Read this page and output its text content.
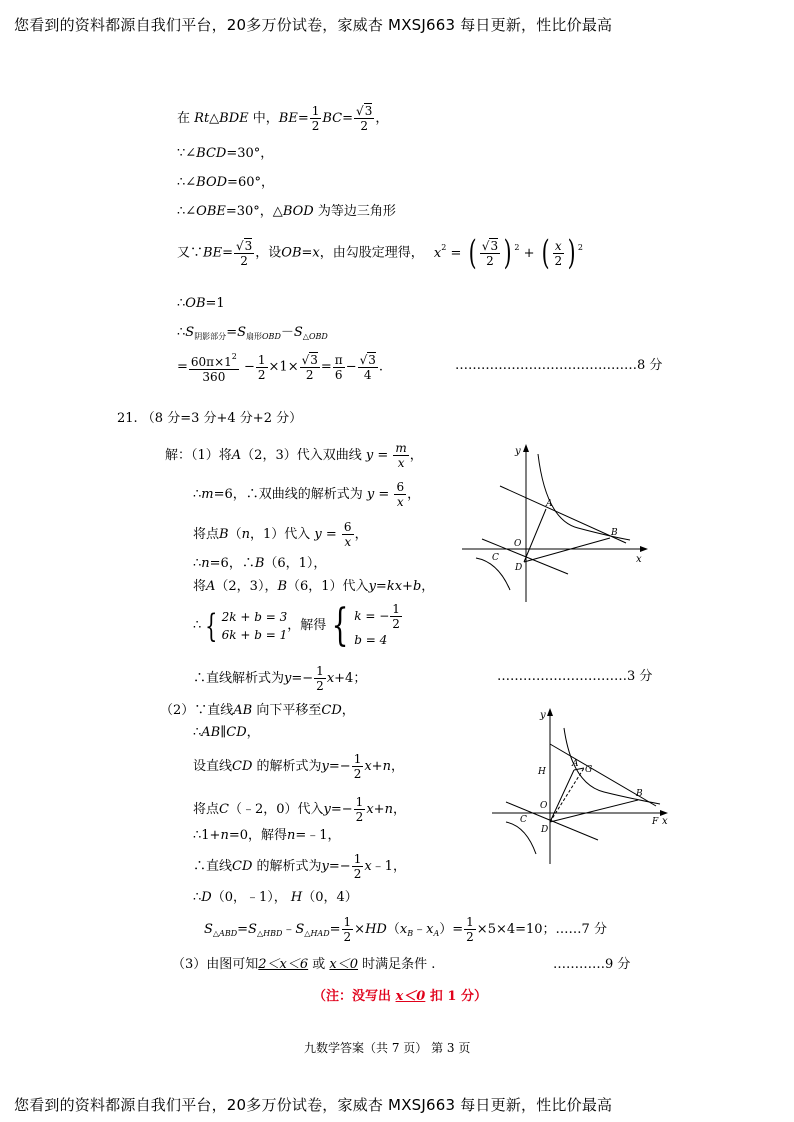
您看到的资料都源自我们平台，20多万份试卷，家威杏 MXSJ663 每日更新，性比价最高
您看到的资料都源自我们平台，20多万份试卷，家威杏 MXSJ663 每日更新，性比价最高
在 Rt△BDE 中，$BE= \frac{1}{2} BC= \frac{√3}{2}$ ，
∵∠BCD=30°，
∴∠BOD=60°，
∴∠OBE=30°，△BOD 为等边三角形
又∵BE= $\frac{√3}{2}$ ，设OB=x，由勾股定理得， $x^2$ = ( $\frac{√3}{2}$ ) $^2$ + ( $\frac{x}{2}$ ) $^2$
∴OB=1
$\therefore S_{阴影部分}=S_{扇形OBD}-S_{\triangle OBD}$
= $\frac{60\pi\times 1^2}{360} - \frac{1}{2} \times 1\times \frac{√3}{2} = \frac{\pi}{6} - \frac{√3}{4}$ .	……………………………………8 分
21. （8 分=3 分+4 分+2 分）
解：（1）将A（2，3）代入双曲线 $y = \frac{m}{x}$ ，
∴m=6，∴双曲线的解析式为 $y = \frac{6}{x}$ ，
将点B（n，1）代入 $y = \frac{6}{x}$ ，
∴n=6，∴B（6，1），
将A（2，3），B（6，1）代入y=kx+b，
∴ { 2k + b = 3
6k + b = 1
，解得 { k = − $\frac{1}{2}$
b = 4
∴直线解析式为$y=- \frac{1}{2} x+4$；	…………………………3 分
（2）∵直线AB 向下平移至CD，
∴AB∥CD，
设直线CD 的解析式为$y=- \frac{1}{2} x+n$，
将点C（﹣2，0）代入$y=- \frac{1}{2} x+n$，
∴1+n=0，解得n=﹣1，
∴直线CD 的解析式为$y=- \frac{1}{2}$ x﹣1，
∴D（0，﹣1）， H（0，4）
$S_{\triangle ABD}=S_{\triangle HBD}﹣S_{\triangle HAD}= \frac{1}{2}$ $\times HD(x_B﹣x_A)= \frac{1}{2} \times 5\times 4=10$；……7 分
（3）由图可知2＜x＜6 或 x＜0 时满足条件 .	…………9 分
（注：没写出 x＜0 扣 1 分）
九数学答案（共 7 页） 第 3 页
y
x
O
A
B
C
D
y
x
O
A
G
H
B
C
D
F
